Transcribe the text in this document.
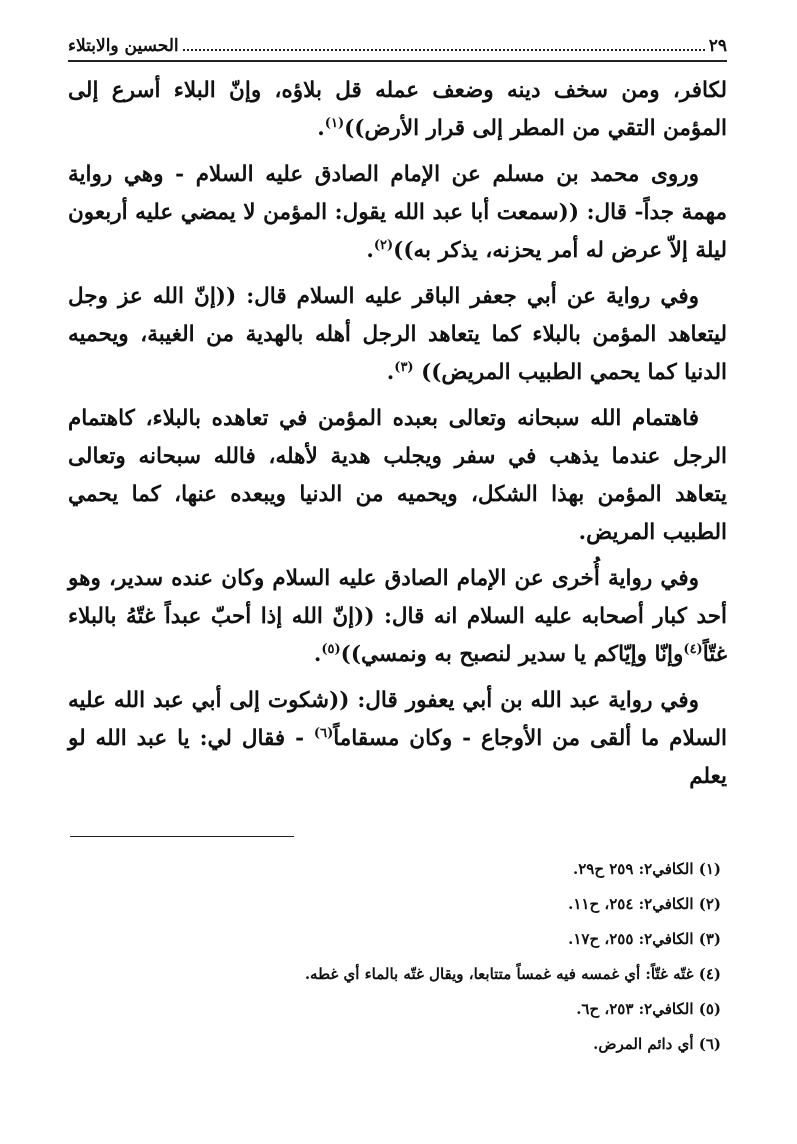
٢٩
الحسين والابتلاء

لكافر، ومن سخف دينه وضعف عمله قل بلاؤه، وإنّ البلاء أسرع إلى المؤمن التقي من المطر إلى قرار الأرض))$^{(١)}$.

وروى محمد بن مسلم عن الإمام الصادق عليه السلام - وهي رواية مهمة جداً- قال: ((سمعت أبا عبد الله يقول: المؤمن لا يمضي عليه أربعون ليلة إلاّ عرض له أمر يحزنه، يذكر به))$^{(٢)}$.

وفي رواية عن أبي جعفر الباقر عليه السلام قال: ((إنّ الله عز وجل ليتعاهد المؤمن بالبلاء كما يتعاهد الرجل أهله بالهدية من الغيبة، ويحميه الدنيا كما يحمي الطبيب المريض)) $^{(٣)}$.

فاهتمام الله سبحانه وتعالى بعبده المؤمن في تعاهده بالبلاء، كاهتمام الرجل عندما يذهب في سفر ويجلب هدية لأهله، فالله سبحانه وتعالى يتعاهد المؤمن بهذا الشكل، ويحميه من الدنيا ويبعده عنها، كما يحمي الطبيب المريض.

وفي رواية أُخرى عن الإمام الصادق عليه السلام وكان عنده سدير، وهو أحد كبار أصحابه عليه السلام انه قال: ((إنّ الله إذا أحبّ عبداً غتّهُ بالبلاء غتّاً$^{(٤)}$وإنّا وإيّاكم يا سدير لنصبح به ونمسي))$^{(٥)}$.

وفي رواية عبد الله بن أبي يعفور قال: ((شكوت إلى أبي عبد الله عليه السلام ما ألقى من الأوجاع - وكان مسقاماً$^{(٦)}$ - فقال لي: يا عبد الله لو يعلم

(١) الكافي٢: ٢٥٩ ح٢٩.
(٢) الكافي٢: ٢٥٤، ح١١.
(٣) الكافي٢: ٢٥٥، ح١٧.
(٤) غتّه غتّاً: أي غمسه فيه غمساً متتابعا، ويقال غتّه بالماء أي غطه.
(٥) الكافي٢: ٢٥٣، ح٦.
(٦) أي دائم المرض.
